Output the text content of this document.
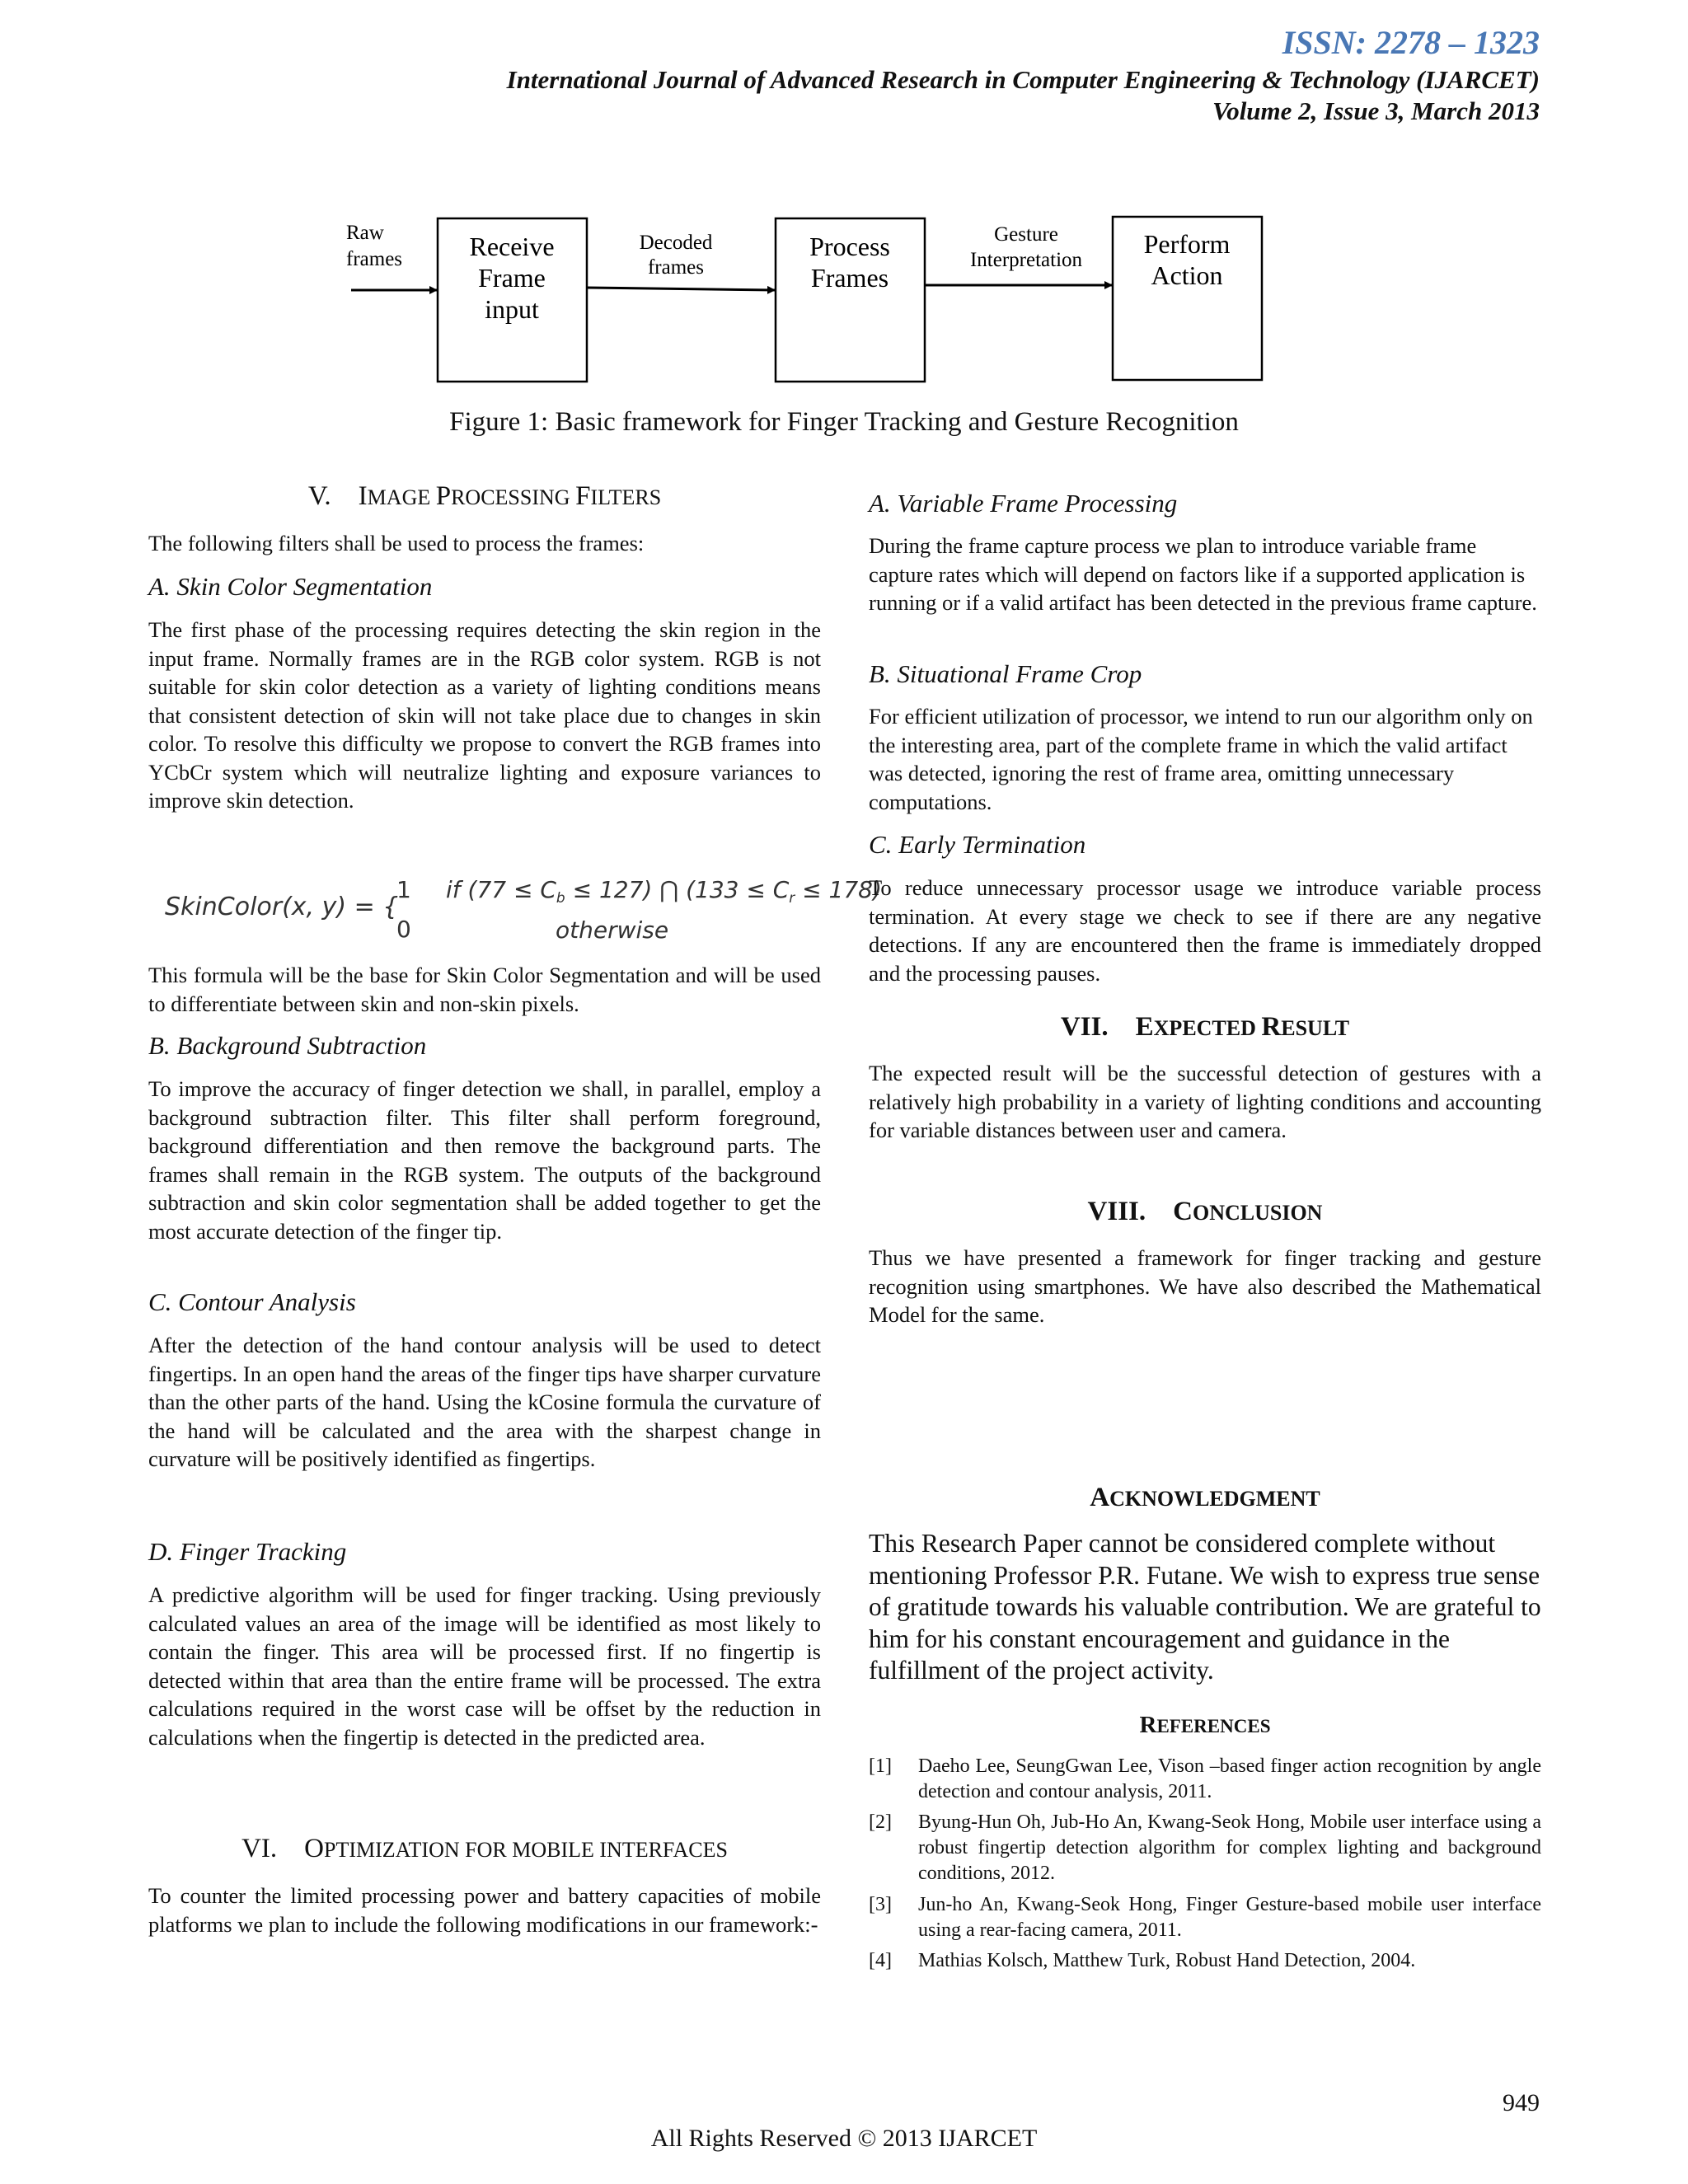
ISSN: 2278 – 1323
International Journal of Advanced Research in Computer Engineering & Technology (IJARCET)
Volume 2, Issue 3, March 2013
Raw
frames	Receive
Frame
input
Decoded
frames
Process
Frames
Gesture
Interpretation
Perform
Action
Figure 1: Basic framework for Finger Tracking and Gesture Recognition
V. IMAGE PROCESSING FILTERS

The following filters shall be used to process the frames:

A. Skin Color Segmentation

The first phase of the processing requires detecting the skin region in the input frame. Normally frames are in the RGB color system. RGB is not suitable for skin color detection as a variety of lighting conditions means that consistent detection of skin will not take place due to changes in skin color. To resolve this difficulty we propose to convert the RGB frames into YCbCr system which will neutralize lighting and exposure variances to improve skin detection.

SkinColor(x, y) = {
1
0
if $(77 \le C_b \le 127)$ ⋂ $(133 \le C_r \le 178)$
otherwise

This formula will be the base for Skin Color Segmentation and will be used to differentiate between skin and non-skin pixels.

B. Background Subtraction

To improve the accuracy of finger detection we shall, in parallel, employ a background subtraction filter. This filter shall perform foreground, background differentiation and then remove the background parts. The frames shall remain in the RGB system. The outputs of the background subtraction and skin color segmentation shall be added together to get the most accurate detection of the finger tip.

C. Contour Analysis

After the detection of the hand contour analysis will be used to detect fingertips. In an open hand the areas of the finger tips have sharper curvature than the other parts of the hand. Using the kCosine formula the curvature of the hand will be calculated and the area with the sharpest change in curvature will be positively identified as fingertips.

D. Finger Tracking

A predictive algorithm will be used for finger tracking. Using previously calculated values an area of the image will be identified as most likely to contain the finger. This area will be processed first. If no fingertip is detected within that area than the entire frame will be processed. The extra calculations required in the worst case will be offset by the reduction in calculations when the fingertip is detected in the predicted area.

VI. OPTIMIZATION FOR MOBILE INTERFACES

To counter the limited processing power and battery capacities of mobile platforms we plan to include the following modifications in our framework:-

A. Variable Frame Processing

During the frame capture process we plan to introduce variable frame capture rates which will depend on factors like if a supported application is running or if a valid artifact has been detected in the previous frame capture.

B. Situational Frame Crop

For efficient utilization of processor, we intend to run our algorithm only on the interesting area, part of the complete frame in which the valid artifact was detected, ignoring the rest of frame area, omitting unnecessary computations.

C. Early Termination

To reduce unnecessary processor usage we introduce variable process termination. At every stage we check to see if there are any negative detections. If any are encountered then the frame is immediately dropped and the processing pauses.

VII. EXPECTED RESULT

The expected result will be the successful detection of gestures with a relatively high probability in a variety of lighting conditions and accounting for variable distances between user and camera.

VIII. CONCLUSION

Thus we have presented a framework for finger tracking and gesture recognition using smartphones. We have also described the Mathematical Model for the same.

ACKNOWLEDGMENT

This Research Paper cannot be considered complete without mentioning Professor P.R. Futane. We wish to express true sense of gratitude towards his valuable contribution. We are grateful to him for his constant encouragement and guidance in the fulfillment of the project activity.

REFERENCES
[1] Daeho Lee, SeungGwan Lee, Vison –based finger action recognition by angle detection and contour analysis, 2011.
[2] Byung-Hun Oh, Jub-Ho An, Kwang-Seok Hong, Mobile user interface using a robust fingertip detection algorithm for complex lighting and background conditions, 2012.
[3] Jun-ho An, Kwang-Seok Hong, Finger Gesture-based mobile user interface using a rear-facing camera, 2011.
[4] Mathias Kolsch, Matthew Turk, Robust Hand Detection, 2004.
949
All Rights Reserved © 2013 IJARCET
